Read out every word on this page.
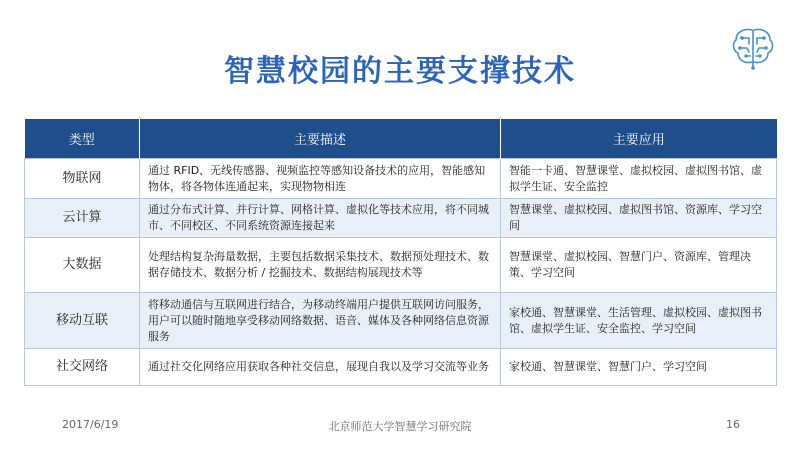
智慧校园的主要支撑技术
类型	主要描述	主要应用
物联网	通过 RFID、无线传感器、视频监控等感知设备技术的应用，智能感知物体，将各物体连通起来，实现物物相连	智能一卡通、智慧课堂、虚拟校园、虚拟图书馆、虚拟学生证、安全监控
云计算	通过分布式计算、并行计算、网格计算、虚拟化等技术应用，将不同城市、不同校区、不同系统资源连接起来	智慧课堂、虚拟校园、虚拟图书馆、资源库、学习空间
大数据	处理结构复杂海量数据，主要包括数据采集技术、数据预处理技术、数据存储技术、数据分析 / 挖掘技术、数据结构展现技术等	智慧课堂、虚拟校园、智慧门户、资源库、管理决策、学习空间
移动互联	将移动通信与互联网进行结合，为移动终端用户提供互联网访问服务，用户可以随时随地享受移动网络数据、语音、媒体及各种网络信息资源服务	家校通、智慧课堂、生活管理、虚拟校园、虚拟图书馆、虚拟学生证、安全监控、学习空间
社交网络	通过社交化网络应用获取各种社交信息，展现自我以及学习交流等业务	家校通、智慧课堂、智慧门户、学习空间
2017/6/19	北京师范大学智慧学习研究院	16
